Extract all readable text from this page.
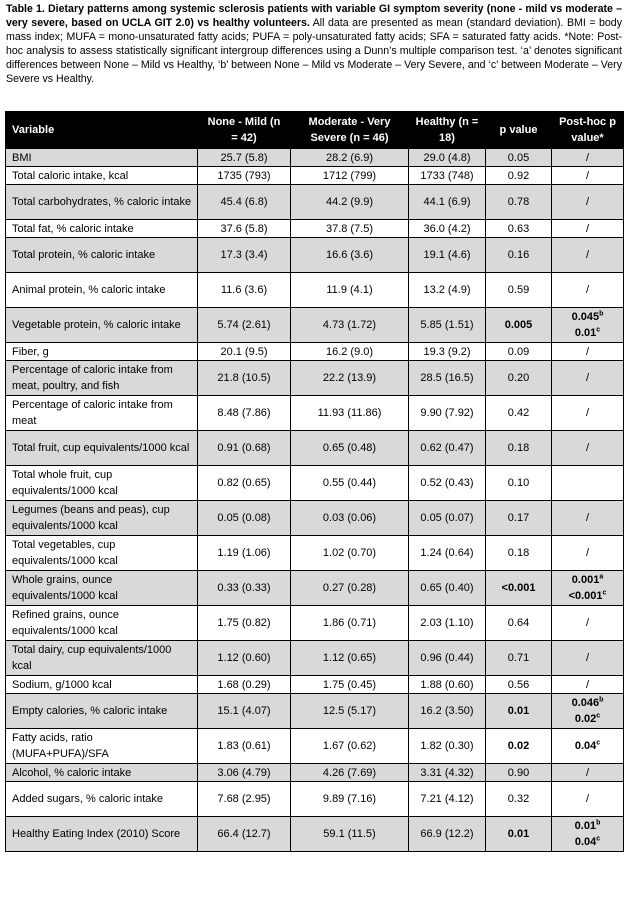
Table 1. Dietary patterns among systemic sclerosis patients with variable GI symptom severity (none - mild vs moderate – very severe, based on UCLA GIT 2.0) vs healthy volunteers. All data are presented as mean (standard deviation). BMI = body mass index; MUFA = mono-unsaturated fatty acids; PUFA = poly-unsaturated fatty acids; SFA = saturated fatty acids. *Note: Post-hoc analysis to assess statistically significant intergroup differences using a Dunn’s multiple comparison test. ‘a’ denotes significant differences between None – Mild vs Healthy, ‘b’ between None – Mild vs Moderate – Very Severe, and ‘c’ between Moderate – Very Severe vs Healthy.
Variable	None - Mild (n = 42)	Moderate - Very Severe (n = 46)	Healthy (n = 18)	p value	Post-hoc p value*
BMI	25.7 (5.8)	28.2 (6.9)	29.0 (4.8)	0.05	/

Total caloric intake, kcal	1735 (793)	1712 (799)	1733 (748)	0.92	/

Total carbohydrates, % caloric intake	45.4 (6.8)	44.2 (9.9)	44.1 (6.9)	0.78	/

Total fat, % caloric intake	37.6 (5.8)	37.8 (7.5)	36.0 (4.2)	0.63	/

Total protein, % caloric intake	17.3 (3.4)	16.6 (3.6)	19.1 (4.6)	0.16	/

Animal protein, % caloric intake	11.6 (3.6)	11.9 (4.1)	13.2 (4.9)	0.59	/

Vegetable protein, % caloric intake	5.74 (2.61)	4.73 (1.72)	5.85 (1.51)	0.005	0.045$^b$
0.01$^c$

Fiber, g	20.1 (9.5)	16.2 (9.0)	19.3 (9.2)	0.09	/

Percentage of caloric intake from meat, poultry, and fish	21.8 (10.5)	22.2 (13.9)	28.5 (16.5)	0.20	/

Percentage of caloric intake from meat	8.48 (7.86)	11.93 (11.86)	9.90 (7.92)	0.42	/

Total fruit, cup equivalents/1000 kcal	0.91 (0.68)	0.65 (0.48)	0.62 (0.47)	0.18	/

Total whole fruit, cup equivalents/1000 kcal	0.82 (0.65)	0.55 (0.44)	0.52 (0.43)	0.10	

Legumes (beans and peas), cup equivalents/1000 kcal	0.05 (0.08)	0.03 (0.06)	0.05 (0.07)	0.17	/

Total vegetables, cup equivalents/1000 kcal	1.19 (1.06)	1.02 (0.70)	1.24 (0.64)	0.18	/

Whole grains, ounce equivalents/1000 kcal	0.33 (0.33)	0.27 (0.28)	0.65 (0.40)	<0.001	0.001$^a$
<0.001$^c$

Refined grains, ounce equivalents/1000 kcal	1.75 (0.82)	1.86 (0.71)	2.03 (1.10)	0.64	/

Total dairy, cup equivalents/1000 kcal	1.12 (0.60)	1.12 (0.65)	0.96 (0.44)	0.71	/

Sodium, g/1000 kcal	1.68 (0.29)	1.75 (0.45)	1.88 (0.60)	0.56	/

Empty calories, % caloric intake	15.1 (4.07)	12.5 (5.17)	16.2 (3.50)	0.01	0.046$^b$
0.02$^c$

Fatty acids, ratio (MUFA+PUFA)/SFA	1.83 (0.61)	1.67 (0.62)	1.82 (0.30)	0.02	0.04$^c$

Alcohol, % caloric intake	3.06 (4.79)	4.26 (7.69)	3.31 (4.32)	0.90	/

Added sugars, % caloric intake	7.68 (2.95)	9.89 (7.16)	7.21 (4.12)	0.32	/

Healthy Eating Index (2010) Score	66.4 (12.7)	59.1 (11.5)	66.9 (12.2)	0.01	0.01$^b$
0.04$^c$
